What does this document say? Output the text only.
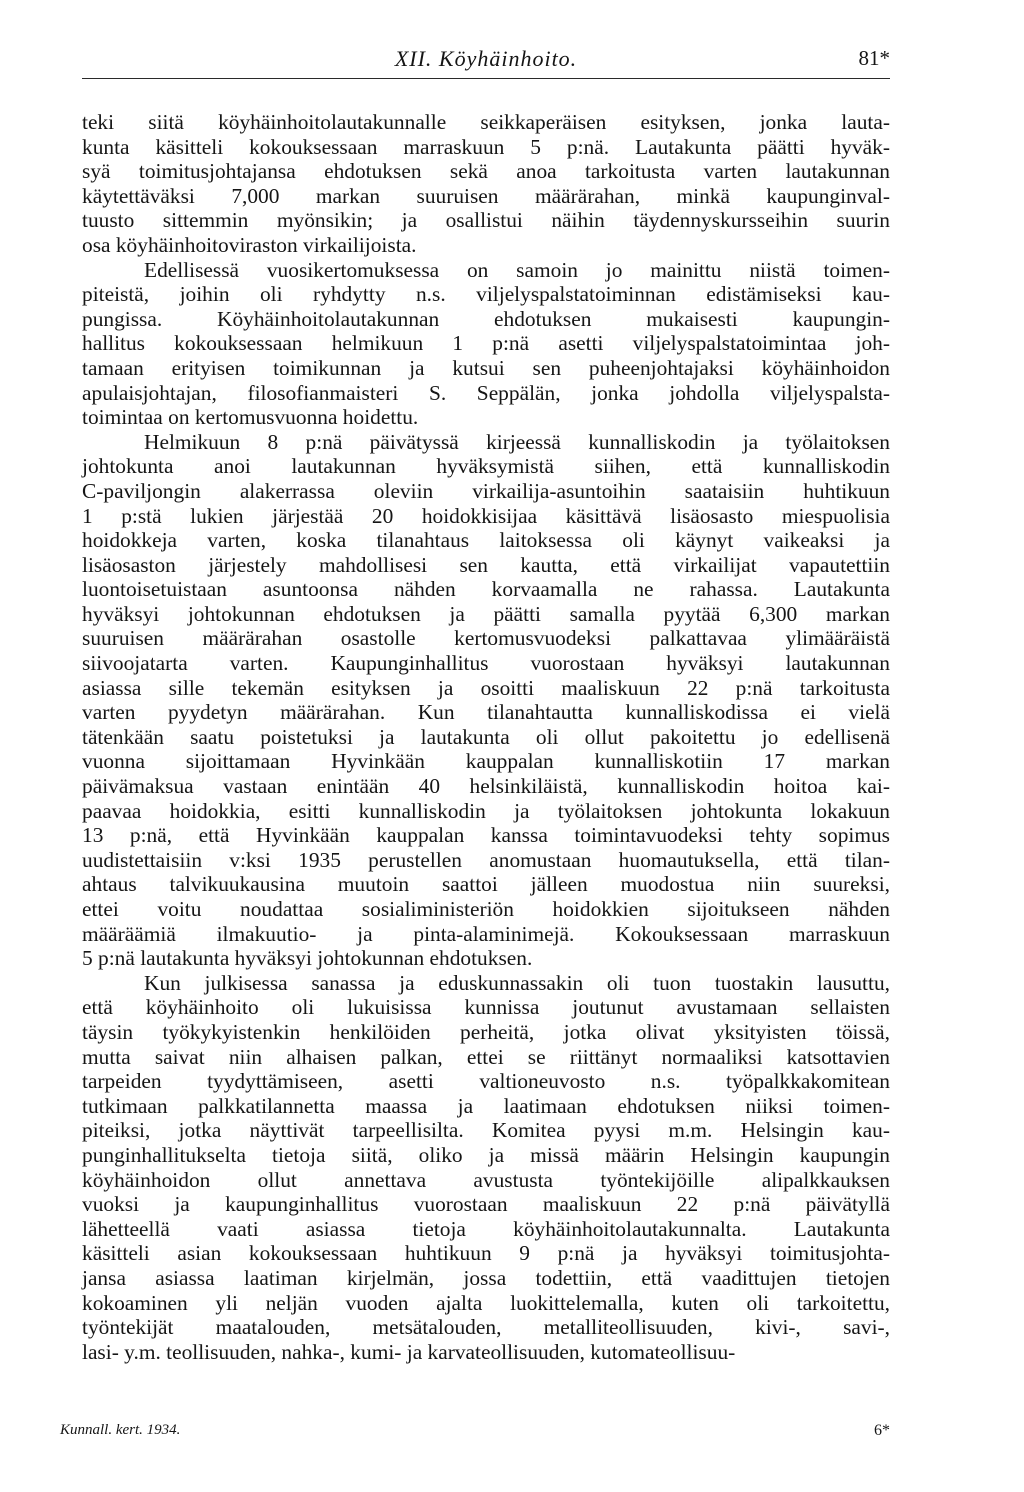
XII. Köyhäinhoito.	81*
teki siitä köyhäinhoitolautakunnalle seikkaperäisen esityksen, jonka lauta-
kunta käsitteli kokouksessaan marraskuun 5 p:nä. Lautakunta päätti hyväk-
syä toimitusjohtajansa ehdotuksen sekä anoa tarkoitusta varten lautakunnan
käytettäväksi 7,000 markan suuruisen määrärahan, minkä kaupunginval-
tuusto sittemmin myönsikin; ja osallistui näihin täydennyskursseihin suurin
osa köyhäinhoitoviraston virkailijoista.
Edellisessä vuosikertomuksessa on samoin jo mainittu niistä toimen-
piteistä, joihin oli ryhdytty n.s. viljelyspalstatoiminnan edistämiseksi kau-
pungissa. Köyhäinhoitolautakunnan ehdotuksen mukaisesti kaupungin-
hallitus kokouksessaan helmikuun 1 p:nä asetti viljelyspalstatoimintaa joh-
tamaan erityisen toimikunnan ja kutsui sen puheenjohtajaksi köyhäinhoidon
apulaisjohtajan, filosofianmaisteri S. Seppälän, jonka johdolla viljelyspalsta-
toimintaa on kertomusvuonna hoidettu.
Helmikuun 8 p:nä päivätyssä kirjeessä kunnalliskodin ja työlaitoksen
johtokunta anoi lautakunnan hyväksymistä siihen, että kunnalliskodin
C-paviljongin alakerrassa oleviin virkailija-asuntoihin saataisiin huhtikuun
1 p:stä lukien järjestää 20 hoidokkisijaa käsittävä lisäosasto miespuolisia
hoidokkeja varten, koska tilanahtaus laitoksessa oli käynyt vaikeaksi ja
lisäosaston järjestely mahdollisesi sen kautta, että virkailijat vapautettiin
luontoisetuistaan asuntoonsa nähden korvaamalla ne rahassa. Lautakunta
hyväksyi johtokunnan ehdotuksen ja päätti samalla pyytää 6,300 markan
suuruisen määrärahan osastolle kertomusvuodeksi palkattavaa ylimääräistä
siivoojatarta varten. Kaupunginhallitus vuorostaan hyväksyi lautakunnan
asiassa sille tekemän esityksen ja osoitti maaliskuun 22 p:nä tarkoitusta
varten pyydetyn määrärahan. Kun tilanahtautta kunnalliskodissa ei vielä
tätenkään saatu poistetuksi ja lautakunta oli ollut pakoitettu jo edellisenä
vuonna sijoittamaan Hyvinkään kauppalan kunnalliskotiin 17 markan
päivämaksua vastaan enintään 40 helsinkiläistä, kunnalliskodin hoitoa kai-
paavaa hoidokkia, esitti kunnalliskodin ja työlaitoksen johtokunta lokakuun
13 p:nä, että Hyvinkään kauppalan kanssa toimintavuodeksi tehty sopimus
uudistettaisiin v:ksi 1935 perustellen anomustaan huomautuksella, että tilan-
ahtaus talvikuukausina muutoin saattoi jälleen muodostua niin suureksi,
ettei voitu noudattaa sosialiministeriön hoidokkien sijoitukseen nähden
määräämiä ilmakuutio- ja pinta-alaminimejä. Kokouksessaan marraskuun
5 p:nä lautakunta hyväksyi johtokunnan ehdotuksen.
Kun julkisessa sanassa ja eduskunnassakin oli tuon tuostakin lausuttu,
että köyhäinhoito oli lukuisissa kunnissa joutunut avustamaan sellaisten
täysin työkykyistenkin henkilöiden perheitä, jotka olivat yksityisten töissä,
mutta saivat niin alhaisen palkan, ettei se riittänyt normaaliksi katsottavien
tarpeiden tyydyttämiseen, asetti valtioneuvosto n.s. työpalkkakomitean
tutkimaan palkkatilannetta maassa ja laatimaan ehdotuksen niiksi toimen-
piteiksi, jotka näyttivät tarpeellisilta. Komitea pyysi m.m. Helsingin kau-
punginhallitukselta tietoja siitä, oliko ja missä määrin Helsingin kaupungin
köyhäinhoidon ollut annettava avustusta työntekijöille alipalkkauksen
vuoksi ja kaupunginhallitus vuorostaan maaliskuun 22 p:nä päivätyllä
lähetteellä vaati asiassa tietoja köyhäinhoitolautakunnalta. Lautakunta
käsitteli asian kokouksessaan huhtikuun 9 p:nä ja hyväksyi toimitusjohta-
jansa asiassa laatiman kirjelmän, jossa todettiin, että vaadittujen tietojen
kokoaminen yli neljän vuoden ajalta luokittelemalla, kuten oli tarkoitettu,
työntekijät maatalouden, metsätalouden, metalliteollisuuden, kivi-, savi-,
lasi- y.m. teollisuuden, nahka-, kumi- ja karvateollisuuden, kutomateollisuu-
Kunnall. kert. 1934.	6*
